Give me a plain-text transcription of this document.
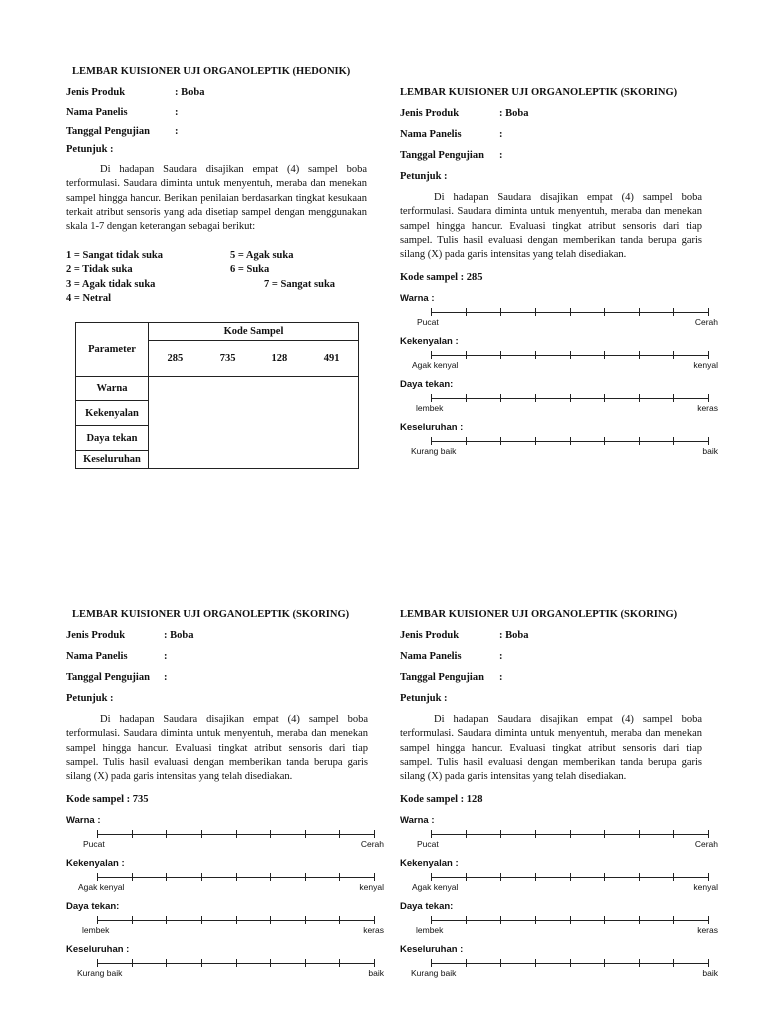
LEMBAR KUISIONER UJI ORGANOLEPTIK (HEDONIK)
Jenis Produk	: Boba
Nama Panelis	:
Tanggal Pengujian :
Petunjuk :
Di hadapan Saudara disajikan empat (4) sampel boba terformulasi. Saudara diminta untuk menyentuh, meraba dan menekan sampel hingga hancur. Berikan penilaian berdasarkan tingkat kesukaan terkait atribut sensoris yang ada disetiap sampel dengan menggunakan skala 1-7 dengan keterangan sebagai berikut:
1 = Sangat tidak suka	5 = Agak suka
2 = Tidak suka	6 = Suka
3 = Agak tidak suka	7 = Sangat suka
4 = Netral
Parameter	Kode Sampel			
	285	735	128	491
Warna				
Kekenyalan				
Daya tekan				
Keseluruhan				
LEMBAR KUISIONER UJI ORGANOLEPTIK (SKORING)
Jenis Produk	: Boba
Nama Panelis	:
Tanggal Pengujian :
Petunjuk :
Di hadapan Saudara disajikan empat (4) sampel boba terformulasi. Saudara diminta untuk menyentuh, meraba dan menekan sampel hingga hancur. Evaluasi tingkat atribut sensoris dari tiap sampel. Tulis hasil evaluasi dengan memberikan tanda berupa garis silang (X) pada garis intensitas yang telah disediakan.
Kode sampel : 285
Warna :
Pucat	Cerah
Kekenyalan :
Agak kenyal	kenyal
Daya tekan:
lembek	keras
Keseluruhan :
Kurang baik	baik
LEMBAR KUISIONER UJI ORGANOLEPTIK (SKORING)
Jenis Produk	: Boba
Nama Panelis	:
Tanggal Pengujian :
Petunjuk :
Di hadapan Saudara disajikan empat (4) sampel boba terformulasi. Saudara diminta untuk menyentuh, meraba dan menekan sampel hingga hancur. Evaluasi tingkat atribut sensoris dari tiap sampel. Tulis hasil evaluasi dengan memberikan tanda berupa garis silang (X) pada garis intensitas yang telah disediakan.
Kode sampel : 735
Warna :
Pucat	Cerah
Kekenyalan :
Agak kenyal	kenyal
Daya tekan:
lembek	keras
Keseluruhan :
Kurang baik	baik
LEMBAR KUISIONER UJI ORGANOLEPTIK (SKORING)
Jenis Produk	: Boba
Nama Panelis	:
Tanggal Pengujian :
Petunjuk :
Di hadapan Saudara disajikan empat (4) sampel boba terformulasi. Saudara diminta untuk menyentuh, meraba dan menekan sampel hingga hancur. Evaluasi tingkat atribut sensoris dari tiap sampel. Tulis hasil evaluasi dengan memberikan tanda berupa garis silang (X) pada garis intensitas yang telah disediakan.
Kode sampel : 128
Warna :
Pucat	Cerah
Kekenyalan :
Agak kenyal	kenyal
Daya tekan:
lembek	keras
Keseluruhan :
Kurang baik	baik
